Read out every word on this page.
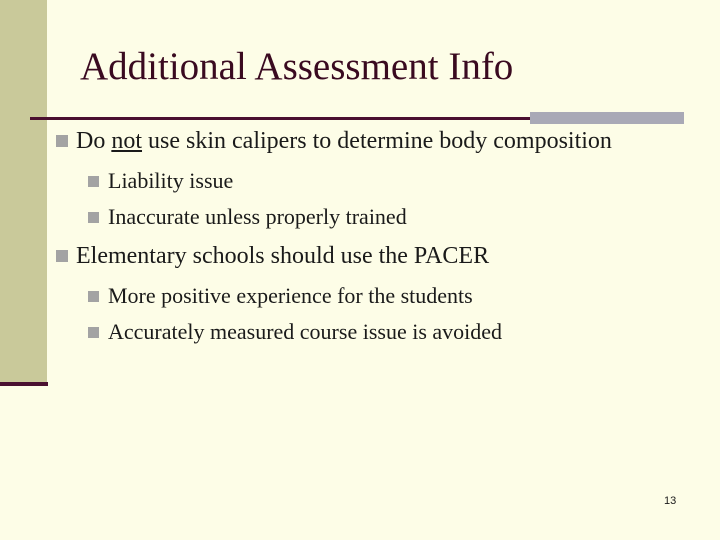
Additional Assessment Info

Do not use skin calipers to determine body composition

Liability issue

Inaccurate unless properly trained

Elementary schools should use the PACER

More positive experience for the students

Accurately measured course issue is avoided

13
